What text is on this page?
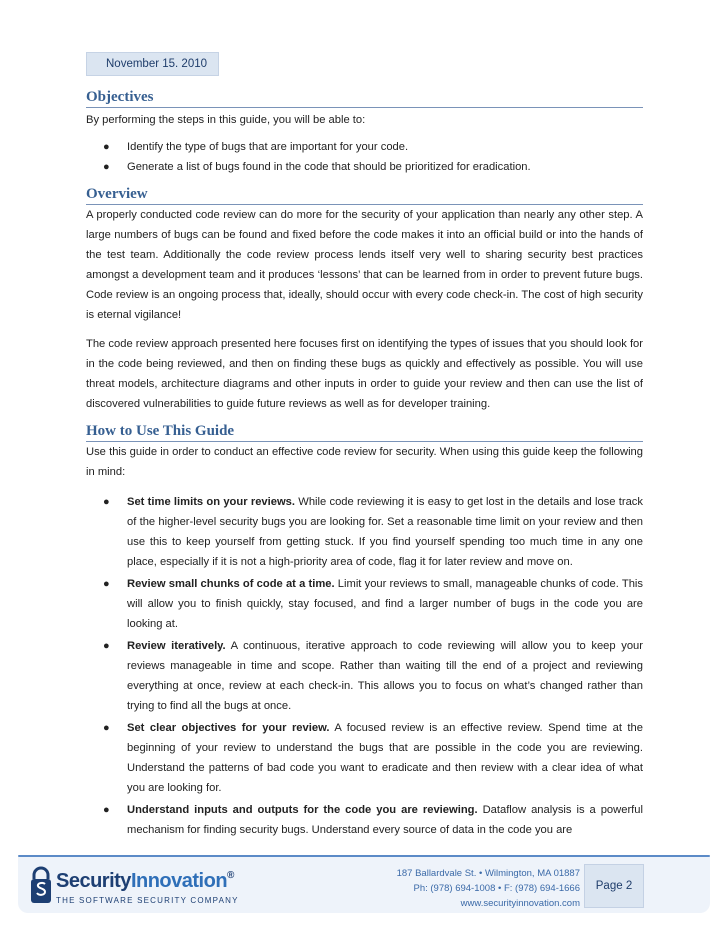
November 15. 2010
Objectives

By performing the steps in this guide, you will be able to:

● Identify the type of bugs that are important for your code.
● Generate a list of bugs found in the code that should be prioritized for eradication.
Overview

A properly conducted code review can do more for the security of your application than nearly any other step. A large numbers of bugs can be found and fixed before the code makes it into an official build or into the hands of the test team. Additionally the code review process lends itself very well to sharing security best practices amongst a development team and it produces ‘lessons’ that can be learned from in order to prevent future bugs. Code review is an ongoing process that, ideally, should occur with every code check-in. The cost of high security is eternal vigilance!

The code review approach presented here focuses first on identifying the types of issues that you should look for in the code being reviewed, and then on finding these bugs as quickly and effectively as possible. You will use threat models, architecture diagrams and other inputs in order to guide your review and then can use the list of discovered vulnerabilities to guide future reviews as well as for developer training.

How to Use This Guide

Use this guide in order to conduct an effective code review for security. When using this guide keep the following in mind:

● Set time limits on your reviews. While code reviewing it is easy to get lost in the details and lose track of the higher-level security bugs you are looking for. Set a reasonable time limit on your review and then use this to keep yourself from getting stuck. If you find yourself spending too much time in any one place, especially if it is not a high-priority area of code, flag it for later review and move on.
● Review small chunks of code at a time. Limit your reviews to small, manageable chunks of code. This will allow you to finish quickly, stay focused, and find a larger number of bugs in the code you are looking at.
● Review iteratively. A continuous, iterative approach to code reviewing will allow you to keep your reviews manageable in time and scope. Rather than waiting till the end of a project and reviewing everything at once, review at each check-in. This allows you to focus on what’s changed rather than trying to find all the bugs at once.
● Set clear objectives for your review. A focused review is an effective review. Spend time at the beginning of your review to understand the bugs that are possible in the code you are reviewing. Understand the patterns of bad code you want to eradicate and then review with a clear idea of what you are looking for.
● Understand inputs and outputs for the code you are reviewing. Dataflow analysis is a powerful mechanism for finding security bugs. Understand every source of data in the code you are
SecurityInnovation®
THE SOFTWARE SECURITY COMPANY
187 Ballardvale St. • Wilmington, MA 01887
Ph: (978) 694-1008 • F: (978) 694-1666
www.securityinnovation.com
Page 2
